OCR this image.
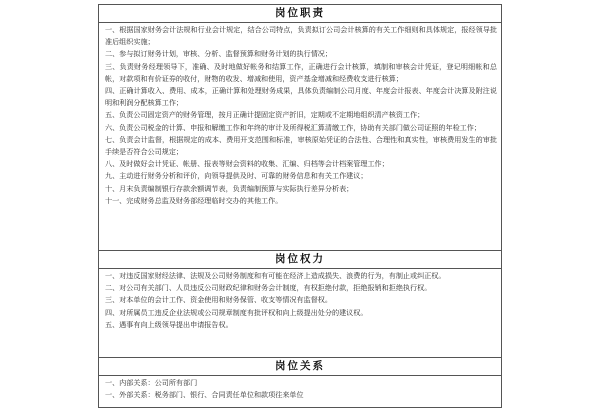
岗位职责

一、根据国家财务会计法规和行业会计规定，结合公司特点，负责拟订公司会计核算的有关工作细则和具体规定，报经领导批准后组织实施；

二、参与拟订财务计划，审核、分析、监督预算和财务计划的执行情况；

三、负责财务经理领导下，准确、及时地做好帐务和结算工作，正确进行会计核算，填制和审核会计凭证，登记明细帐和总帐，对款项和有价证券的收付，财物的收发、增减和使用，资产基金增减和经费收支进行核算；

四、正确计算收入、费用、成本，正确计算和处理财务成果，具体负责编制公司月度、年度会计报表、年度会计决算及附注说明和利润分配核算工作；

五、负责公司固定资产的财务管理，按月正确计提固定资产折旧，定期或不定期地组织清产核资工作；

六、负责公司税金的计算、申报和解缴工作和年终的审计及所得税汇算清缴工作，协助有关部门做公司证照的年检工作；

七、负责会计监督，根据规定的成本、费用开支范围和标准，审核原始凭证的合法性、合理性和真实性，审核费用发生的审批手续是否符合公司规定；

八、及时做好会计凭证、帐册、报表等财会资料的收集、汇编、归档等会计档案管理工作；

九、主动进行财务分析和评价，向领导提供及时、可靠的财务信息和有关工作建议；

十、月末负责编制银行存款余额调节表，负责编制预算与实际执行差异分析表；

十一、完成财务总监及财务部经理临时交办的其他工作。

岗位权力

一、对违反国家财经法律、法规及公司财务制度和有可能在经济上造成损失、浪费的行为，有制止或纠正权。

二、对公司有关部门、人员违反公司财政纪律和财务会计制度，有权拒绝付款，拒绝报销和拒绝执行权。

三、对本单位的会计工作、资金使用和财务保管、收支等情况有监督权。

四、对所属员工违反企业法规或公司规章制度有批评权和向上级提出处分的建议权。

五、遇事有向上级领导提出申请报告权。

岗位关系

一、内部关系：公司所有部门

一、外部关系：税务部门、银行、合同责任单位和款项往来单位
